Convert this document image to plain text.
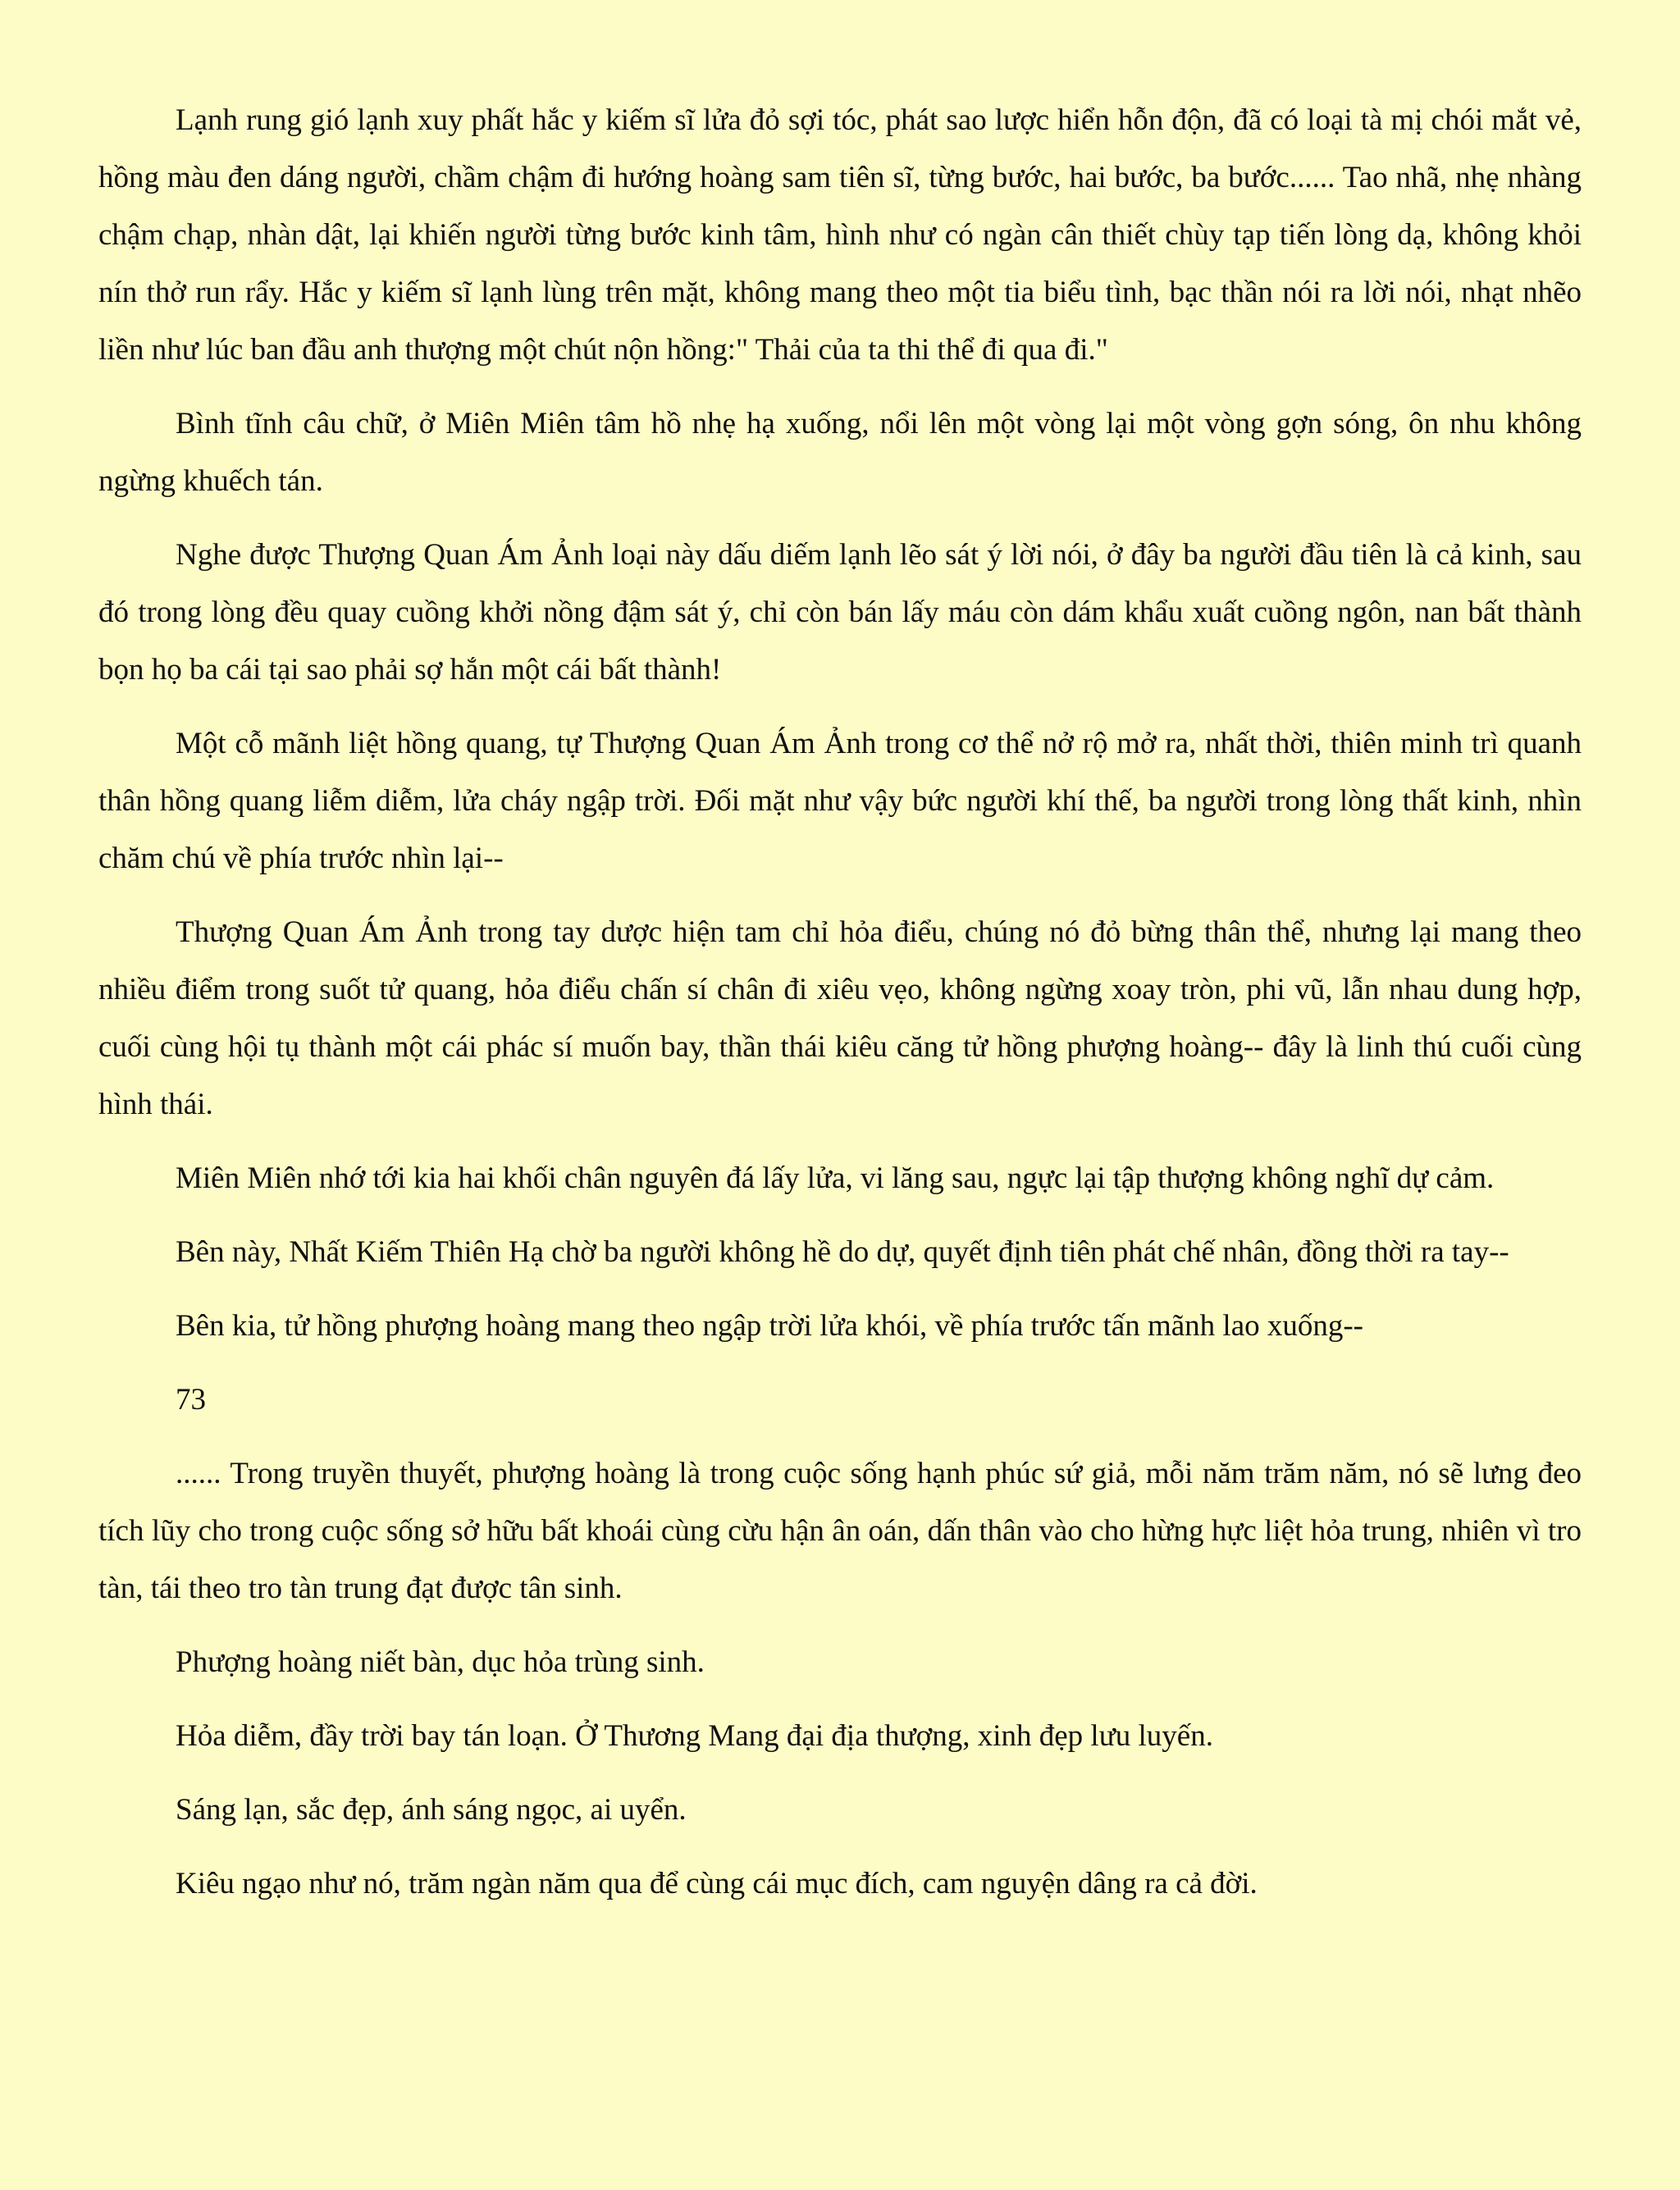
Lạnh rung gió lạnh xuy phất hắc y kiếm sĩ lửa đỏ sợi tóc, phát sao lược hiển hỗn độn, đã có loại tà mị chói mắt vẻ, hồng màu đen dáng người, chầm chậm đi hướng hoàng sam tiên sĩ, từng bước, hai bước, ba bước...... Tao nhã, nhẹ nhàng chậm chạp, nhàn dật, lại khiến người từng bước kinh tâm, hình như có ngàn cân thiết chùy tạp tiến lòng dạ, không khỏi nín thở run rẩy. Hắc y kiếm sĩ lạnh lùng trên mặt, không mang theo một tia biểu tình, bạc thần nói ra lời nói, nhạt nhẽo liền như lúc ban đầu anh thượng một chút nộn hồng:" Thải của ta thi thể đi qua đi."

Bình tĩnh câu chữ, ở Miên Miên tâm hồ nhẹ hạ xuống, nổi lên một vòng lại một vòng gợn sóng, ôn nhu không ngừng khuếch tán.

Nghe được Thượng Quan Ám Ảnh loại này dấu diếm lạnh lẽo sát ý lời nói, ở đây ba người đầu tiên là cả kinh, sau đó trong lòng đều quay cuồng khởi nồng đậm sát ý, chỉ còn bán lấy máu còn dám khẩu xuất cuồng ngôn, nan bất thành bọn họ ba cái tại sao phải sợ hắn một cái bất thành!

Một cỗ mãnh liệt hồng quang, tự Thượng Quan Ám Ảnh trong cơ thể nở rộ mở ra, nhất thời, thiên minh trì quanh thân hồng quang liễm diễm, lửa cháy ngập trời. Đối mặt như vậy bức người khí thế, ba người trong lòng thất kinh, nhìn chăm chú về phía trước nhìn lại--

Thượng Quan Ám Ảnh trong tay dược hiện tam chỉ hỏa điểu, chúng nó đỏ bừng thân thể, nhưng lại mang theo nhiều điểm trong suốt tử quang, hỏa điểu chấn sí chân đi xiêu vẹo, không ngừng xoay tròn, phi vũ, lẫn nhau dung hợp, cuối cùng hội tụ thành một cái phác sí muốn bay, thần thái kiêu căng tử hồng phượng hoàng-- đây là linh thú cuối cùng hình thái.

Miên Miên nhớ tới kia hai khối chân nguyên đá lấy lửa, vi lăng sau, ngực lại tập thượng không nghĩ dự cảm.

Bên này, Nhất Kiếm Thiên Hạ chờ ba người không hề do dự, quyết định tiên phát chế nhân, đồng thời ra tay--

Bên kia, tử hồng phượng hoàng mang theo ngập trời lửa khói, về phía trước tấn mãnh lao xuống--

73

...... Trong truyền thuyết, phượng hoàng là trong cuộc sống hạnh phúc sứ giả, mỗi năm trăm năm, nó sẽ lưng đeo tích lũy cho trong cuộc sống sở hữu bất khoái cùng cừu hận ân oán, dấn thân vào cho hừng hực liệt hỏa trung, nhiên vì tro tàn, tái theo tro tàn trung đạt được tân sinh.

Phượng hoàng niết bàn, dục hỏa trùng sinh.

Hỏa diễm, đầy trời bay tán loạn. Ở Thương Mang đại địa thượng, xinh đẹp lưu luyến.

Sáng lạn, sắc đẹp, ánh sáng ngọc, ai uyển.

Kiêu ngạo như nó, trăm ngàn năm qua để cùng cái mục đích, cam nguyện dâng ra cả đời.
